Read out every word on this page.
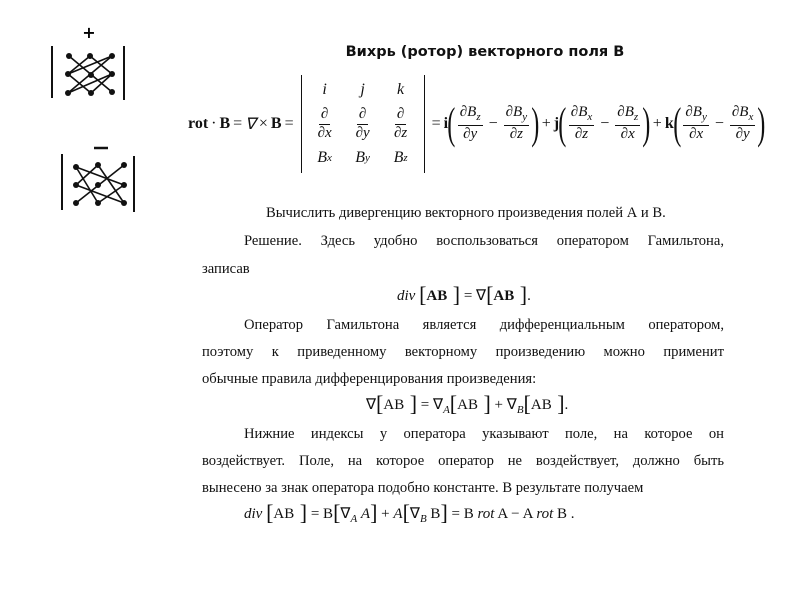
+
Вихрь (ротор) векторного поля B
rot · B = ∇ × B =
i	j	k
$\frac{\partial}{\partial x} \frac{\partial}{\partial y} \frac{\partial}{\partial z}$
B x B y B z
= i ( $\frac{\partial B_z}{\partial y} - \frac{\partial B_y}{\partial z}$ ) + j ( $\frac{\partial B_x}{\partial z} - \frac{\partial B_z}{\partial x}$ ) + k ( $\frac{\partial B_y}{\partial x} - \frac{\partial B_x}{\partial y}$ )
Вычислить дивергенцию векторного произведения полей А и В.
Решение. Здесь удобно воспользоваться оператором Гамильтона,
записав
div [AB ] = ∇[AB ].
Оператор Гамильтона является дифференциальным оператором,
поэтому к приведенному векторному произведению можно применит
обычные правила дифференцирования произведения:
∇[AB ] = $\nabla_A[AB$ ] + $\nabla_B[AB$ ].
Нижние индексы у оператора указывают поле, на которое он
воздействует. Поле, на которое оператор не воздействует, должно быть
вынесено за знак оператора подобно константе. В результате получаем
div [AB ] = $B[\nabla_A$ $A] + A[\nabla_B$ B] = B rot A − A rot B .
